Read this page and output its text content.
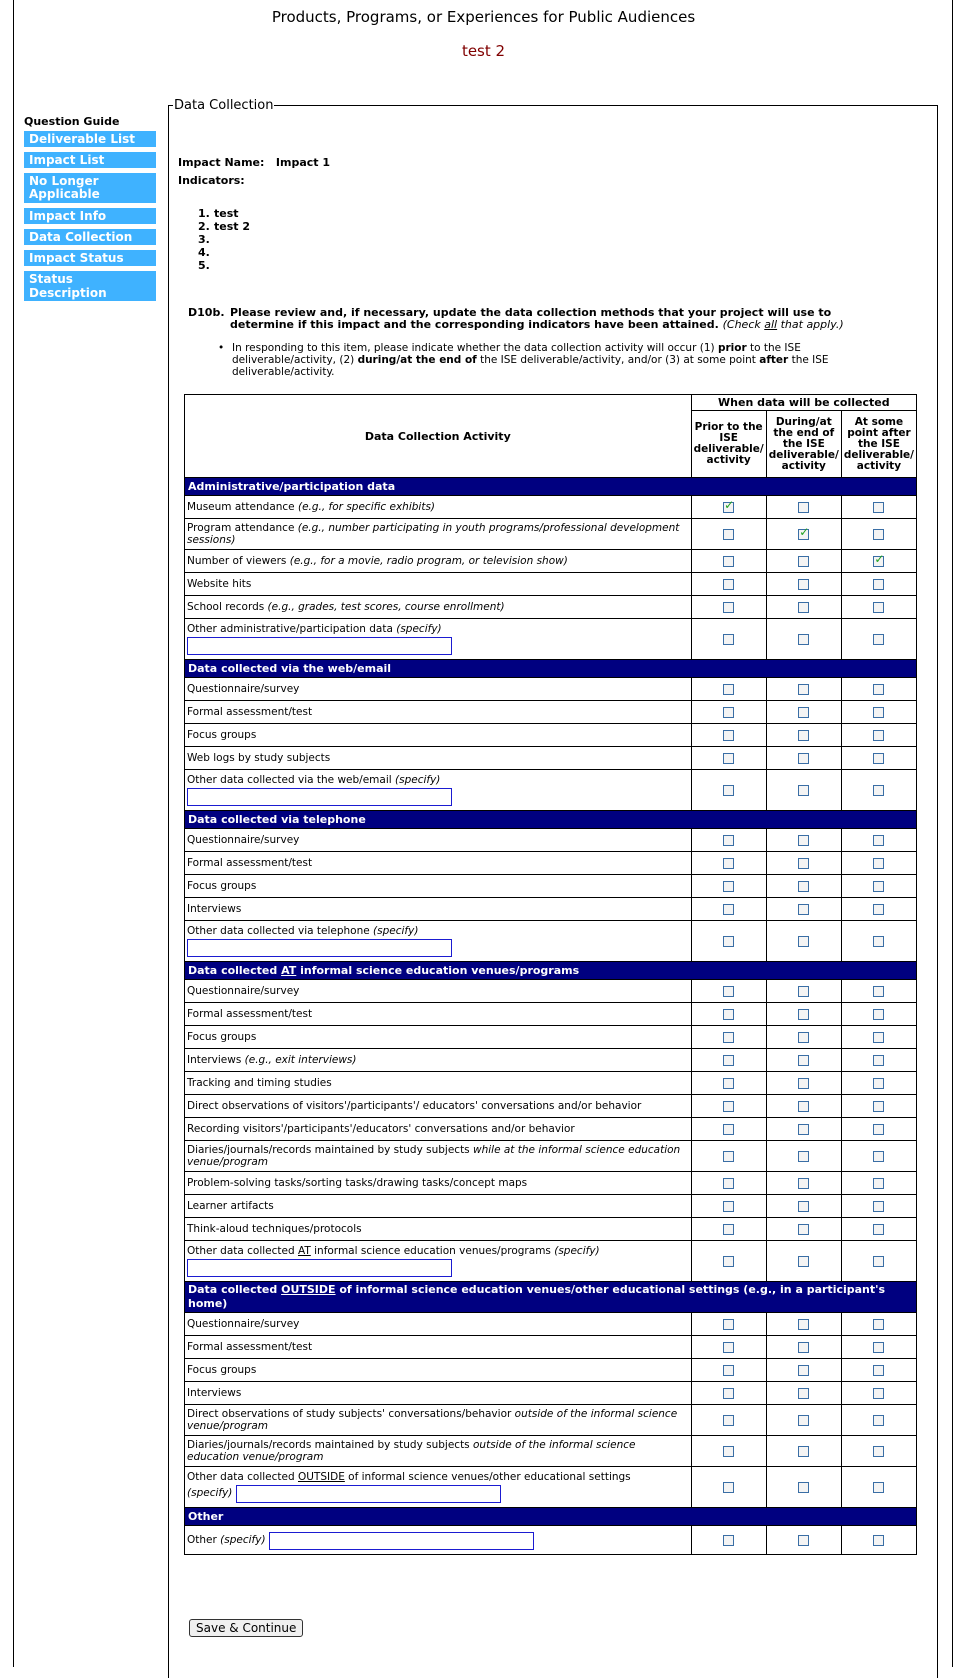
Products, Programs, or Experiences for Public Audiences
test 2
Question Guide
Deliverable List
Impact List
No Longer Applicable
Impact Info
Data Collection
Impact Status
Status Description
Data Collection
Impact Name: Impact 1
Indicators:
1. test
2. test 2
3.
4.
5.
D10b. Please review and, if necessary, update the data collection methods that your project will use to determine if this impact and the corresponding indicators have been attained. (Check all that apply.)
• In responding to this item, please indicate whether the data collection activity will occur (1) prior to the ISE deliverable/activity, (2) during/at the end of the ISE deliverable/activity, and/or (3) at some point after the ISE deliverable/activity.
Data Collection Activity	When data will be collected		
	Prior to the ISE deliverable/ activity	During/at the end of the ISE deliverable/ activity	At some point after the ISE deliverable/ activity
Administrative/participation data			
Museum attendance (e.g., for specific exhibits)	✓		
Program attendance (e.g., number participating in youth programs/professional development sessions)		✓	
Number of viewers (e.g., for a movie, radio program, or television show)			✓
Website hits			
School records (e.g., grades, test scores, course enrollment)			
Other administrative/participation data (specify)

Data collected via the web/email			
Questionnaire/survey			
Formal assessment/test			
Focus groups			
Web logs by study subjects			
Other data collected via the web/email (specify)

Data collected via telephone			
Questionnaire/survey			
Formal assessment/test			
Focus groups			
Interviews			
Other data collected via telephone (specify)

Data collected AT informal science education venues/programs			
Questionnaire/survey			
Formal assessment/test			
Focus groups			
Interviews (e.g., exit interviews)			
Tracking and timing studies			
Direct observations of visitors'/participants'/ educators' conversations and/or behavior			
Recording visitors'/participants'/educators' conversations and/or behavior			
Diaries/journals/records maintained by study subjects while at the informal science education venue/program			
Problem-solving tasks/sorting tasks/drawing tasks/concept maps			
Learner artifacts			
Think-aloud techniques/protocols			
Other data collected AT informal science education venues/programs (specify)

Data collected OUTSIDE of informal science education venues/other educational settings (e.g., in a participant's home)			
Questionnaire/survey			
Formal assessment/test			
Focus groups			
Interviews			
Direct observations of study subjects' conversations/behavior outside of the informal science venue/program			
Diaries/journals/records maintained by study subjects outside of the informal science education venue/program			
Other data collected OUTSIDE of informal science venues/other educational settings
(specify)			
Other			
Other (specify)			
Save & Continue
